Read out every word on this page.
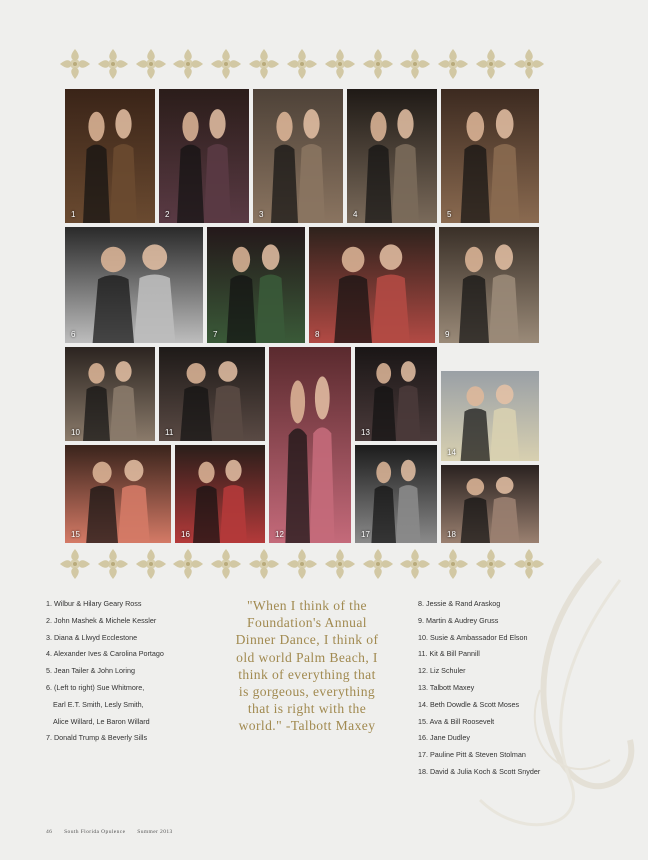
1	2	3	4	5
6	7	8	9
10	11
12
13
14
15	16	17	18
1. Wilbur & Hilary Geary Ross
2. John Mashek & Michele Kessler
3. Diana & Llwyd Ecclestone
4. Alexander Ives & Carolina Portago
5. Jean Tailer & John Loring
6. (Left to right) Sue Whitmore,
Earl E.T. Smith, Lesly Smith,
Alice Willard, Le Baron Willard
7. Donald Trump & Beverly Sills
"When I think of the
Foundation's Annual
Dinner Dance, I think of
old world Palm Beach, I
think of everything that
is gorgeous, everything
that is right with the
world." -Talbott Maxey
8. Jessie & Rand Araskog
9. Martin & Audrey Gruss
10. Susie & Ambassador Ed Elson
11. Kit & Bill Pannill
12. Liz Schuler
13. Talbott Maxey
14. Beth Dowdle & Scott Moses
15. Ava & Bill Roosevelt
16. Jane Dudley
17. Pauline Pitt & Steven Stolman
18. David & Julia Koch & Scott Snyder
46 South Florida Opulence Summer 2013
